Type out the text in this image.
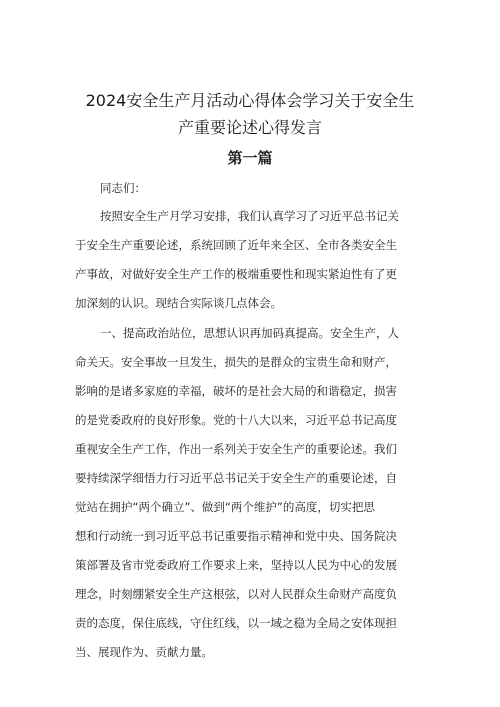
2024安全生产月活动心得体会学习关于安全生
产重要论述心得发言
第一篇
同志们：
按照安全生产月学习安排，我们认真学习了习近平总书记关
于安全生产重要论述，系统回顾了近年来全区、全市各类安全生
产事故，对做好安全生产工作的极端重要性和现实紧迫性有了更
加深刻的认识。现结合实际谈几点体会。
一、提高政治站位，思想认识再加码真提高。安全生产，人
命关天。安全事故一旦发生，损失的是群众的宝贵生命和财产，
影响的是诸多家庭的幸福，破坏的是社会大局的和谐稳定，损害
的是党委政府的良好形象。党的十八大以来，习近平总书记高度
重视安全生产工作，作出一系列关于安全生产的重要论述。我们
要持续深学细悟力行习近平总书记关于安全生产的重要论述，自
觉站在拥护“两个确立”、做到“两个维护”的高度，切实把思
想和行动统一到习近平总书记重要指示精神和党中央、国务院决
策部署及省市党委政府工作要求上来，坚持以人民为中心的发展
理念，时刻绷紧安全生产这根弦，以对人民群众生命财产高度负
责的态度，保住底线，守住红线，以一域之稳为全局之安体现担
当、展现作为、贡献力量。
